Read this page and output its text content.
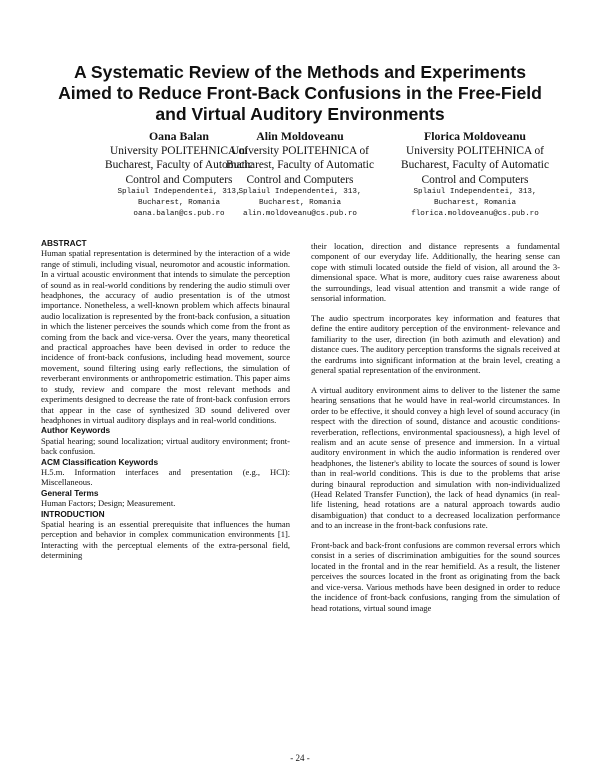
A Systematic Review of the Methods and Experiments
Aimed to Reduce Front-Back Confusions in the Free-Field
and Virtual Auditory Environments
Oana Balan
University POLITEHNICA of
Bucharest, Faculty of Automatic
Control and Computers
Splaiul Independentei, 313,
Bucharest, Romania
oana.balan@cs.pub.ro
Alin Moldoveanu
University POLITEHNICA of
Bucharest, Faculty of Automatic
Control and Computers
Splaiul Independentei, 313,
Bucharest, Romania
alin.moldoveanu@cs.pub.ro
Florica Moldoveanu
University POLITEHNICA of
Bucharest, Faculty of Automatic
Control and Computers
Splaiul Independentei, 313,
Bucharest, Romania
florica.moldoveanu@cs.pub.ro

ABSTRACT

Human spatial representation is determined by the interaction of a wide range of stimuli, including visual, neuromotor and acoustic information. In a virtual acoustic environment that intends to simulate the perception of sound as in real-world conditions by rendering the audio stimuli over headphones, the accuracy of audio presentation is of the utmost importance. Nonetheless, a well-known problem which affects binaural audio localization is represented by the front-back confusion, a situation in which the listener perceives the sounds which come from the front as coming from the back and vice-versa. Over the years, many theoretical and practical approaches have been devised in order to reduce the incidence of front-back confusions, including head movement, source movement, sound filtering using early reflections, the simulation of reverberant environments or anthropometric estimation. This paper aims to study, review and compare the most relevant methods and experiments designed to decrease the rate of front-back confusion errors that appear in the case of synthesized 3D sound delivered over headphones in virtual auditory displays and in real-world conditions.

Author Keywords

Spatial hearing; sound localization; virtual auditory environment; front-back confusion.

ACM Classification Keywords

H.5.m. Information interfaces and presentation (e.g., HCI): Miscellaneous.

General Terms

Human Factors; Design; Measurement.

INTRODUCTION

Spatial hearing is an essential prerequisite that influences the human perception and behavior in complex communication environments [1]. Interacting with the perceptual elements of the extra-personal field, determining

their location, direction and distance represents a fundamental component of our everyday life. Additionally, the hearing sense can cope with stimuli located outside the field of vision, all around the 3-dimensional space. What is more, auditory cues raise awareness about the surroundings, lead visual attention and transmit a wide range of sensorial information.

The audio spectrum incorporates key information and features that define the entire auditory perception of the environment- relevance and familiarity to the user, direction (in both azimuth and elevation) and distance cues. The auditory perception transforms the signals received at the eardrums into significant information at the brain level, creating a general spatial representation of the environment.

A virtual auditory environment aims to deliver to the listener the same hearing sensations that he would have in real-world circumstances. In order to be effective, it should convey a high level of sound accuracy (in respect with the direction of sound, distance and acoustic conditions- reverberation, reflections, environmental spaciousness), a high level of realism and an acute sense of presence and immersion. In a virtual auditory environment in which the audio information is rendered over headphones, the listener's ability to locate the sources of sound is lower than in real-world conditions. This is due to the problems that arise during binaural reproduction and simulation with non-individualized (Head Related Transfer Function), the lack of head dynamics (in real-life listening, head rotations are a natural approach towards audio disambiguation) that conduct to a decreased localization performance and to an increase in the front-back confusions rate.

Front-back and back-front confusions are common reversal errors which consist in a series of discrimination ambiguities for the sound sources located in the frontal and in the rear hemifield. As a result, the listener perceives the sources located in the front as originating from the back and vice-versa. Various methods have been designed in order to reduce the incidence of front-back confusions, ranging from the simulation of head rotations, virtual sound image

- 24 -
